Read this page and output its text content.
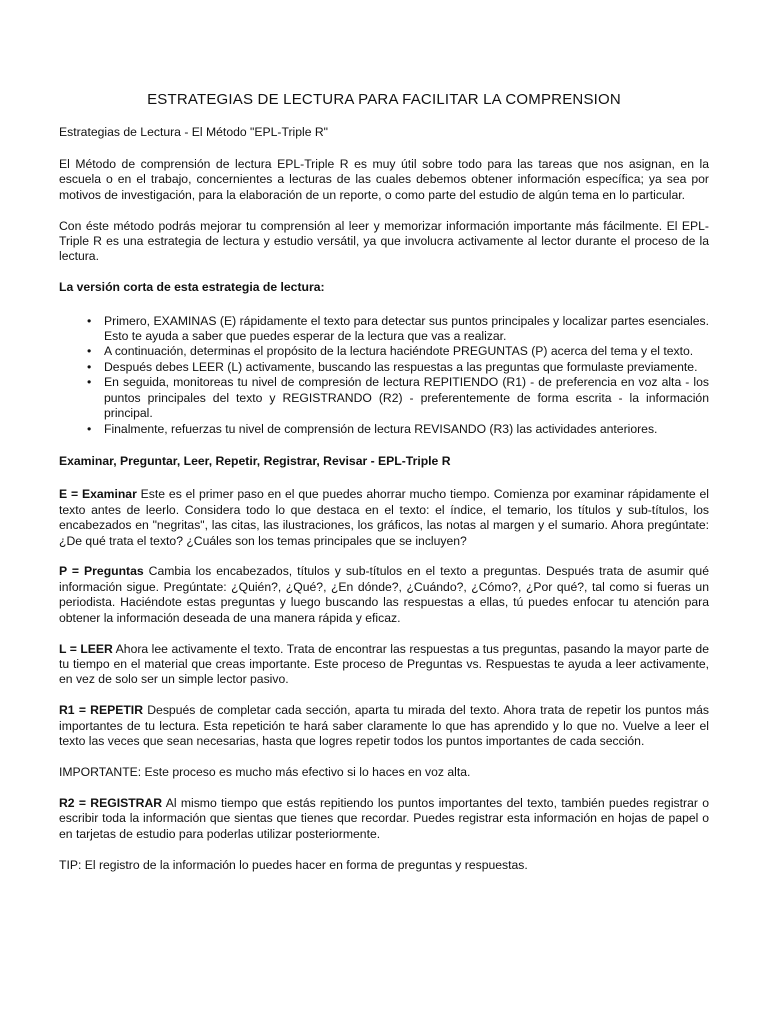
ESTRATEGIAS DE LECTURA PARA FACILITAR LA COMPRENSION

Estrategias de Lectura - El Método "EPL-Triple R"

El Método de comprensión de lectura EPL-Triple R es muy útil sobre todo para las tareas que nos asignan, en la escuela o en el trabajo, concernientes a lecturas de las cuales debemos obtener información específica; ya sea por motivos de investigación, para la elaboración de un reporte, o como parte del estudio de algún tema en lo particular.

Con éste método podrás mejorar tu comprensión al leer y memorizar información importante más fácilmente. El EPL-Triple R es una estrategia de lectura y estudio versátil, ya que involucra activamente al lector durante el proceso de la lectura.

La versión corta de esta estrategia de lectura:

• Primero, EXAMINAS (E) rápidamente el texto para detectar sus puntos principales y localizar partes esenciales. Esto te ayuda a saber que puedes esperar de la lectura que vas a realizar.
• A continuación, determinas el propósito de la lectura haciéndote PREGUNTAS (P) acerca del tema y el texto.
• Después debes LEER (L) activamente, buscando las respuestas a las preguntas que formulaste previamente.
• En seguida, monitoreas tu nivel de compresión de lectura REPITIENDO (R1) - de preferencia en voz alta - los puntos principales del texto y REGISTRANDO (R2) - preferentemente de forma escrita - la información principal.
• Finalmente, refuerzas tu nivel de comprensión de lectura REVISANDO (R3) las actividades anteriores.

Examinar, Preguntar, Leer, Repetir, Registrar, Revisar - EPL-Triple R

E = Examinar Este es el primer paso en el que puedes ahorrar mucho tiempo. Comienza por examinar rápidamente el texto antes de leerlo. Considera todo lo que destaca en el texto: el índice, el temario, los títulos y sub-títulos, los encabezados en "negritas", las citas, las ilustraciones, los gráficos, las notas al margen y el sumario. Ahora pregúntate: ¿De qué trata el texto? ¿Cuáles son los temas principales que se incluyen?

P = Preguntas Cambia los encabezados, títulos y sub-títulos en el texto a preguntas. Después trata de asumir qué información sigue. Pregúntate: ¿Quién?, ¿Qué?, ¿En dónde?, ¿Cuándo?, ¿Cómo?, ¿Por qué?, tal como si fueras un periodista. Haciéndote estas preguntas y luego buscando las respuestas a ellas, tú puedes enfocar tu atención para obtener la información deseada de una manera rápida y eficaz.

L = LEER Ahora lee activamente el texto. Trata de encontrar las respuestas a tus preguntas, pasando la mayor parte de tu tiempo en el material que creas importante. Este proceso de Preguntas vs. Respuestas te ayuda a leer activamente, en vez de solo ser un simple lector pasivo.

R1 = REPETIR Después de completar cada sección, aparta tu mirada del texto. Ahora trata de repetir los puntos más importantes de tu lectura. Esta repetición te hará saber claramente lo que has aprendido y lo que no. Vuelve a leer el texto las veces que sean necesarias, hasta que logres repetir todos los puntos importantes de cada sección.

IMPORTANTE: Este proceso es mucho más efectivo si lo haces en voz alta.

R2 = REGISTRAR Al mismo tiempo que estás repitiendo los puntos importantes del texto, también puedes registrar o escribir toda la información que sientas que tienes que recordar. Puedes registrar esta información en hojas de papel o en tarjetas de estudio para poderlas utilizar posteriormente.

TIP: El registro de la información lo puedes hacer en forma de preguntas y respuestas.
